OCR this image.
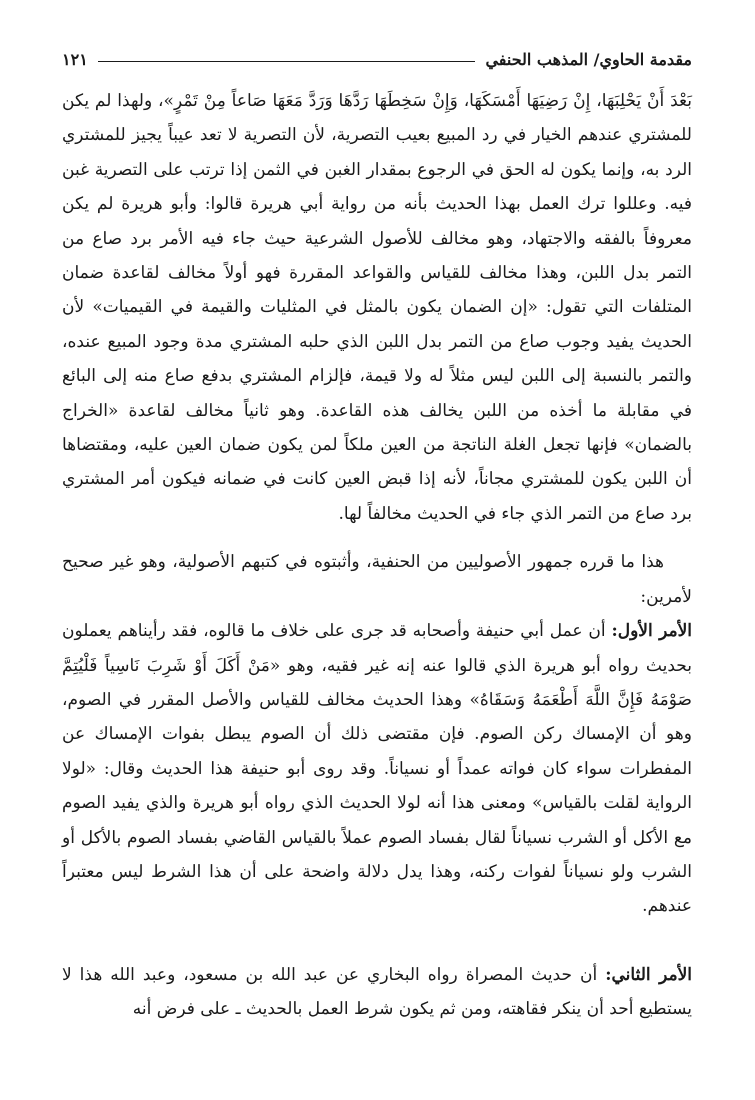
مقدمة الحاوي/ المذهب الحنفي
١٢١

بَعْدَ أَنْ يَحْلِبَهَا، إِنْ رَضِيَهَا أَمْسَكَهَا، وَإِنْ سَخِطَهَا رَدَّهَا وَرَدَّ مَعَهَا صَاعاً مِنْ تَمْرٍ»، ولهذا لم يكن للمشتري عندهم الخيار في رد المبيع بعيب التصرية، لأن التصرية لا تعد عيباً يجيز للمشتري الرد به، وإنما يكون له الحق في الرجوع بمقدار الغبن في الثمن إذا ترتب على التصرية غبن فيه. وعللوا ترك العمل بهذا الحديث بأنه من رواية أبي هريرة قالوا: وأبو هريرة لم يكن معروفاً بالفقه والاجتهاد، وهو مخالف للأصول الشرعية حيث جاء فيه الأمر برد صاع من التمر بدل اللبن، وهذا مخالف للقياس والقواعد المقررة فهو أولاً مخالف لقاعدة ضمان المتلفات التي تقول: «إن الضمان يكون بالمثل في المثليات والقيمة في القيميات» لأن الحديث يفيد وجوب صاع من التمر بدل اللبن الذي حلبه المشتري مدة وجود المبيع عنده، والتمر بالنسبة إلى اللبن ليس مثلاً له ولا قيمة، فإلزام المشتري بدفع صاع منه إلى البائع في مقابلة ما أخذه من اللبن يخالف هذه القاعدة. وهو ثانياً مخالف لقاعدة «الخراج بالضمان» فإنها تجعل الغلة الناتجة من العين ملكاً لمن يكون ضمان العين عليه، ومقتضاها أن اللبن يكون للمشتري مجاناً، لأنه إذا قبض العين كانت في ضمانه فيكون أمر المشتري برد صاع من التمر الذي جاء في الحديث مخالفاً لها.

هذا ما قرره جمهور الأصوليين من الحنفية، وأثبتوه في كتبهم الأصولية، وهو غير صحيح لأمرين:

الأمر الأول: أن عمل أبي حنيفة وأصحابه قد جرى على خلاف ما قالوه، فقد رأيناهم يعملون بحديث رواه أبو هريرة الذي قالوا عنه إنه غير فقيه، وهو «مَنْ أَكَلَ أَوْ شَرِبَ نَاسِياً فَلْيُتِمَّ صَوْمَهُ فَإِنَّ اللَّهَ أَطْعَمَهُ وَسَقَاهُ» وهذا الحديث مخالف للقياس والأصل المقرر في الصوم، وهو أن الإمساك ركن الصوم. فإن مقتضى ذلك أن الصوم يبطل بفوات الإمساك عن المفطرات سواء كان فواته عمداً أو نسياناً. وقد روى أبو حنيفة هذا الحديث وقال: «لولا الرواية لقلت بالقياس» ومعنى هذا أنه لولا الحديث الذي رواه أبو هريرة والذي يفيد الصوم مع الأكل أو الشرب نسياناً لقال بفساد الصوم عملاً بالقياس القاضي بفساد الصوم بالأكل أو الشرب ولو نسياناً لفوات ركنه، وهذا يدل دلالة واضحة على أن هذا الشرط ليس معتبراً عندهم.

الأمر الثاني: أن حديث المصراة رواه البخاري عن عبد الله بن مسعود، وعبد الله هذا لا يستطيع أحد أن ينكر فقاهته، ومن ثم يكون شرط العمل بالحديث ـ على فرض أنه
